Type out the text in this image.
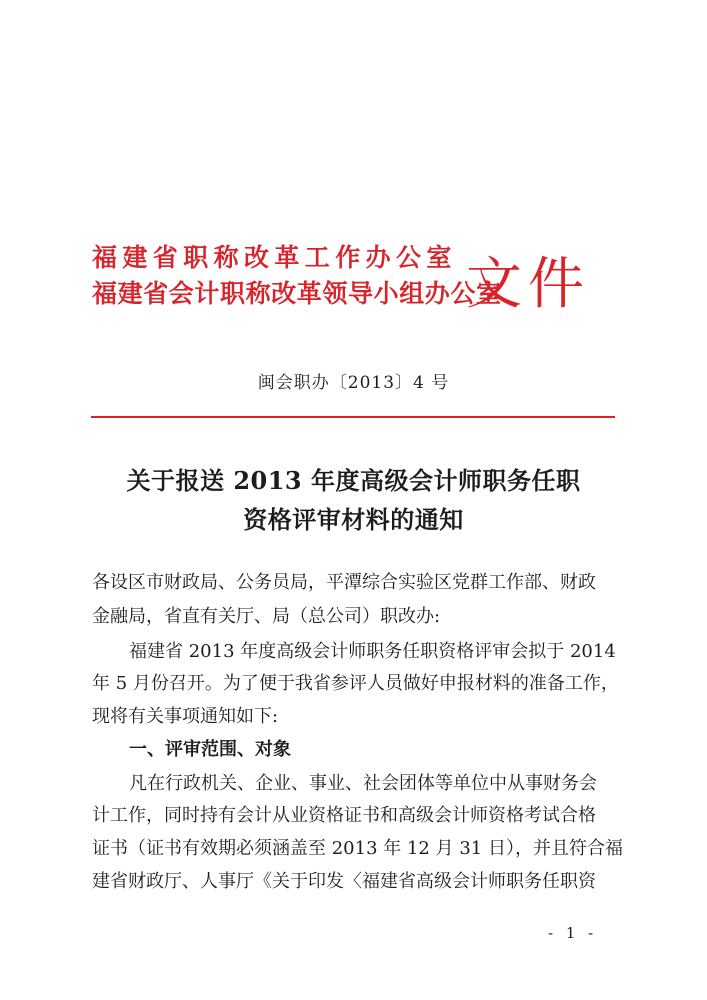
福建省职称改革工作办公室
福建省会计职称改革领导小组办公室
文件
闽会职办〔2013〕4 号
关于报送 2013 年度高级会计师职务任职
资格评审材料的通知
各设区市财政局、公务员局，平潭综合实验区党群工作部、财政
金融局，省直有关厅、局（总公司）职改办:
福建省 2013 年度高级会计师职务任职资格评审会拟于 2014
年 5 月份召开。为了便于我省参评人员做好申报材料的准备工作，
现将有关事项通知如下:
一、评审范围、对象
凡在行政机关、企业、事业、社会团体等单位中从事财务会
计工作，同时持有会计从业资格证书和高级会计师资格考试合格
证书（证书有效期必须涵盖至 2013 年 12 月 31 日），并且符合福
建省财政厅、人事厅《关于印发〈福建省高级会计师职务任职资
- 1 -
